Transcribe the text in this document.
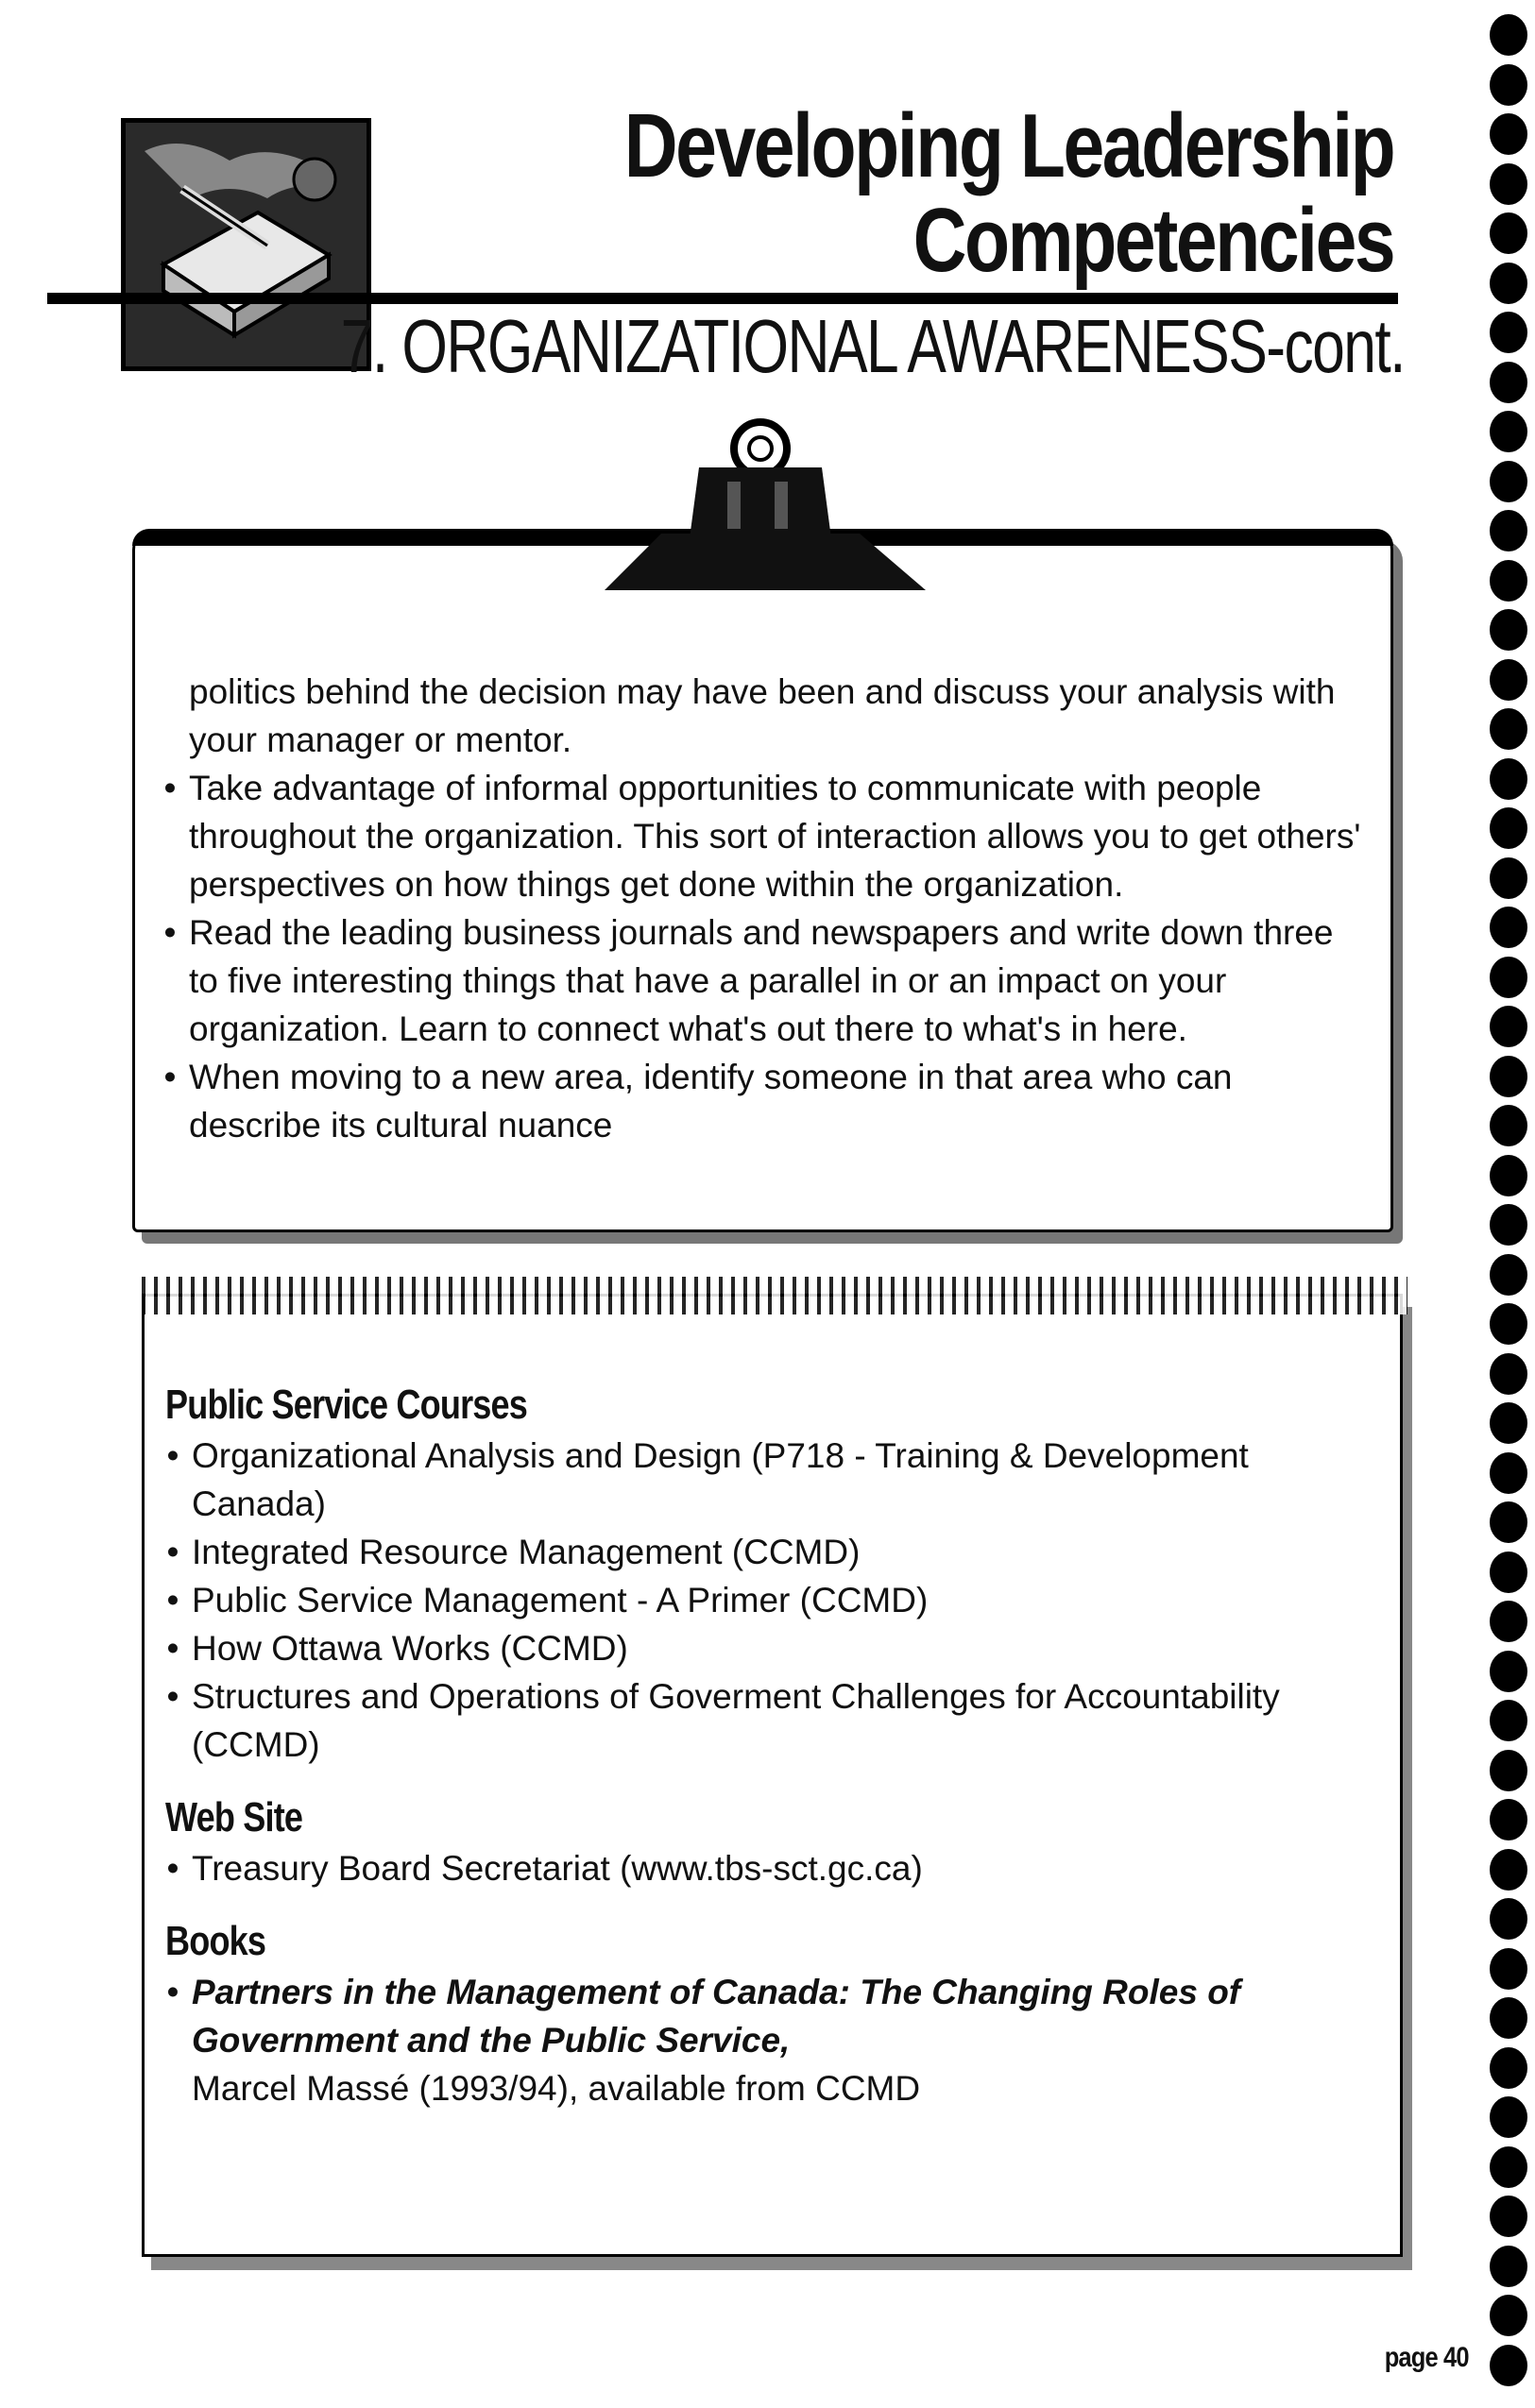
Developing Leadership
Competencies
7. ORGANIZATIONAL AWARENESS-cont.
politics behind the decision may have been and discuss your analysis with your manager or mentor.
• Take advantage of informal opportunities to communicate with people throughout the organization. This sort of interaction allows you to get others' perspectives on how things get done within the organization.
• Read the leading business journals and newspapers and write down three to five interesting things that have a parallel in or an impact on your organization. Learn to connect what's out there to what's in here.
• When moving to a new area, identify someone in that area who can describe its cultural nuance
Public Service Courses
• Organizational Analysis and Design (P718 - Training & Development Canada)
• Integrated Resource Management (CCMD)
• Public Service Management - A Primer (CCMD)
• How Ottawa Works (CCMD)
• Structures and Operations of Goverment Challenges for Accountability (CCMD)
Web Site
• Treasury Board Secretariat (www.tbs-sct.gc.ca)
Books
• Partners in the Management of Canada: The Changing Roles of Government and the Public Service,
Marcel Massé (1993/94), available from CCMD
page 40
